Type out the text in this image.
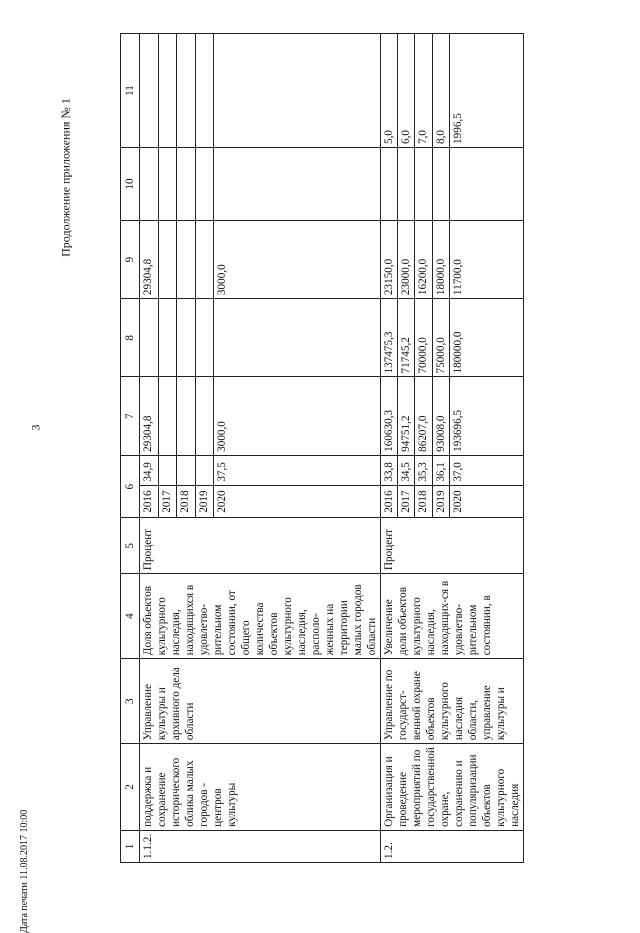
3
Продолжение приложения № 1
Дата печати 11.08.2017 10:00	1	2	3	4	5	6		7	8	9	10	11
1.1.2.	поддержка и сохранение исторического облика малых городов - центров культуры	Управление культуры и архивного дела области	Доля объектов культурного наследия, находящихся в удовлетво-рительном состоянии, от общего количества объектов культурного наследия, располо-женных на территории малых городов области	Процент	2016	34,9	29304,8		29304,8		
					2017						
					2018						
					2019						
					2020	37,5	3000,0		3000,0		
1.2.	Организация и проведение мероприятий по государственной охране, сохранению и популяризации объектов культурного наследия	Управление по государст-венной охране объектов культурного наследия области, управление культуры и	Увеличение доли объектов культурного наследия, находящих-ся в удовлетво-рительном состоянии, в	Процент	2016	33,8	160630,3	137475,3	23150,0		5,0
					2017	34,5	94751,2	71745,2	23000,0		6,0
					2018	35,3	86207,0	70000,0	16200,0		7,0
					2019	36,1	93008,0	75000,0	18000,0		8,0
					2020	37,0	193696,5	180000,0	11700,0		1996,5
